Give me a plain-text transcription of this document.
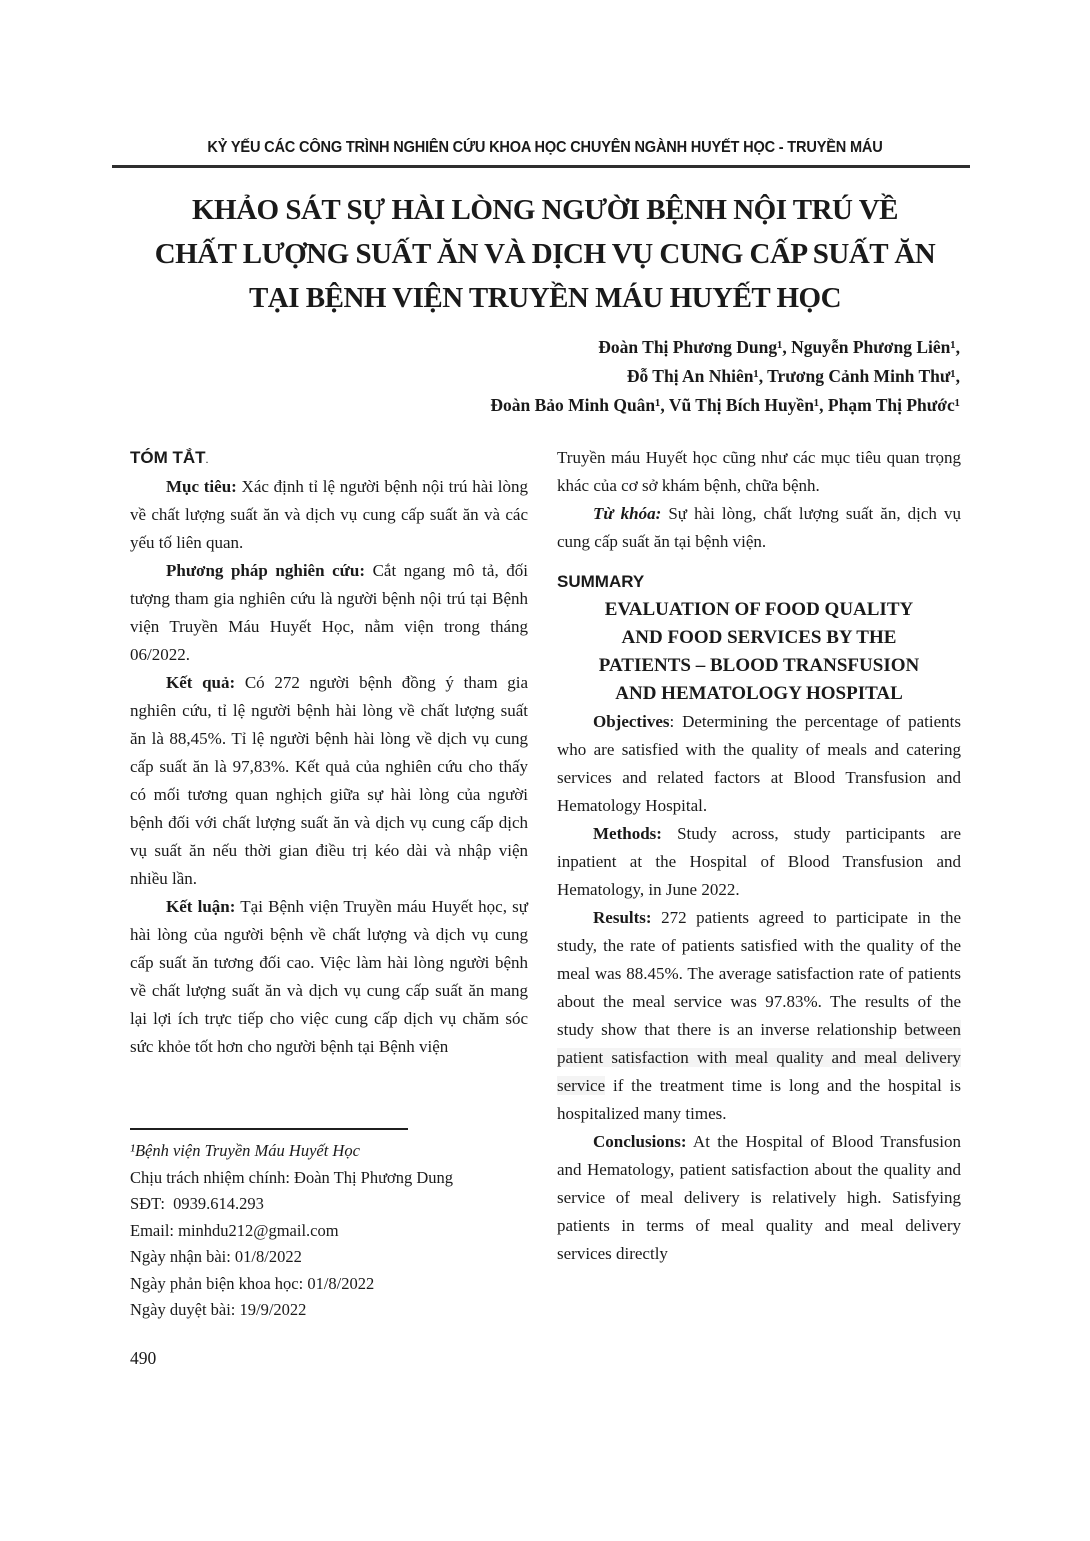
KỶ YẾU CÁC CÔNG TRÌNH NGHIÊN CỨU KHOA HỌC CHUYÊN NGÀNH HUYẾT HỌC - TRUYỀN MÁU
KHẢO SÁT SỰ HÀI LÒNG NGƯỜI BỆNH NỘI TRÚ VỀ
CHẤT LƯỢNG SUẤT ĂN VÀ DỊCH VỤ CUNG CẤP SUẤT ĂN
TẠI BỆNH VIỆN TRUYỀN MÁU HUYẾT HỌC
Đoàn Thị Phương Dung¹, Nguyễn Phương Liên¹,
Đỗ Thị An Nhiên¹, Trương Cảnh Minh Thư¹,
Đoàn Bảo Minh Quân¹, Vũ Thị Bích Huyền¹, Phạm Thị Phước¹
TÓM TẮT.

Mục tiêu: Xác định tỉ lệ người bệnh nội trú hài lòng về chất lượng suất ăn và dịch vụ cung cấp suất ăn và các yếu tố liên quan.

Phương pháp nghiên cứu: Cắt ngang mô tả, đối tượng tham gia nghiên cứu là người bệnh nội trú tại Bệnh viện Truyền Máu Huyết Học, nằm viện trong tháng 06/2022.

Kết quả: Có 272 người bệnh đồng ý tham gia nghiên cứu, tỉ lệ người bệnh hài lòng về chất lượng suất ăn là 88,45%. Tỉ lệ người bệnh hài lòng về dịch vụ cung cấp suất ăn là 97,83%. Kết quả của nghiên cứu cho thấy có mối tương quan nghịch giữa sự hài lòng của người bệnh đối với chất lượng suất ăn và dịch vụ cung cấp dịch vụ suất ăn nếu thời gian điều trị kéo dài và nhập viện nhiều lần.

Kết luận: Tại Bệnh viện Truyền máu Huyết học, sự hài lòng của người bệnh về chất lượng và dịch vụ cung cấp suất ăn tương đối cao. Việc làm hài lòng người bệnh về chất lượng suất ăn và dịch vụ cung cấp suất ăn mang lại lợi ích trực tiếp cho việc cung cấp dịch vụ chăm sóc sức khỏe tốt hơn cho người bệnh tại Bệnh viện

Truyền máu Huyết học cũng như các mục tiêu quan trọng khác của cơ sở khám bệnh, chữa bệnh.

Từ khóa: Sự hài lòng, chất lượng suất ăn, dịch vụ cung cấp suất ăn tại bệnh viện.

SUMMARY
EVALUATION OF FOOD QUALITY
AND FOOD SERVICES BY THE
PATIENTS – BLOOD TRANSFUSION
AND HEMATOLOGY HOSPITAL

Objectives: Determining the percentage of patients who are satisfied with the quality of meals and catering services and related factors at Blood Transfusion and Hematology Hospital.

Methods: Study across, study participants are inpatient at the Hospital of Blood Transfusion and Hematology, in June 2022.

Results: 272 patients agreed to participate in the study, the rate of patients satisfied with the quality of the meal was 88.45%. The average satisfaction rate of patients about the meal service was 97.83%. The results of the study show that there is an inverse relationship between patient satisfaction with meal quality and meal delivery service if the treatment time is long and the hospital is hospitalized many times.

Conclusions: At the Hospital of Blood Transfusion and Hematology, patient satisfaction about the quality and service of meal delivery is relatively high. Satisfying patients in terms of meal quality and meal delivery services directly

¹Bệnh viện Truyền Máu Huyết Học
Chịu trách nhiệm chính: Đoàn Thị Phương Dung
SĐT:  0939.614.293
Email: minhdu212@gmail.com
Ngày nhận bài: 01/8/2022
Ngày phản biện khoa học: 01/8/2022
Ngày duyệt bài: 19/9/2022
490
